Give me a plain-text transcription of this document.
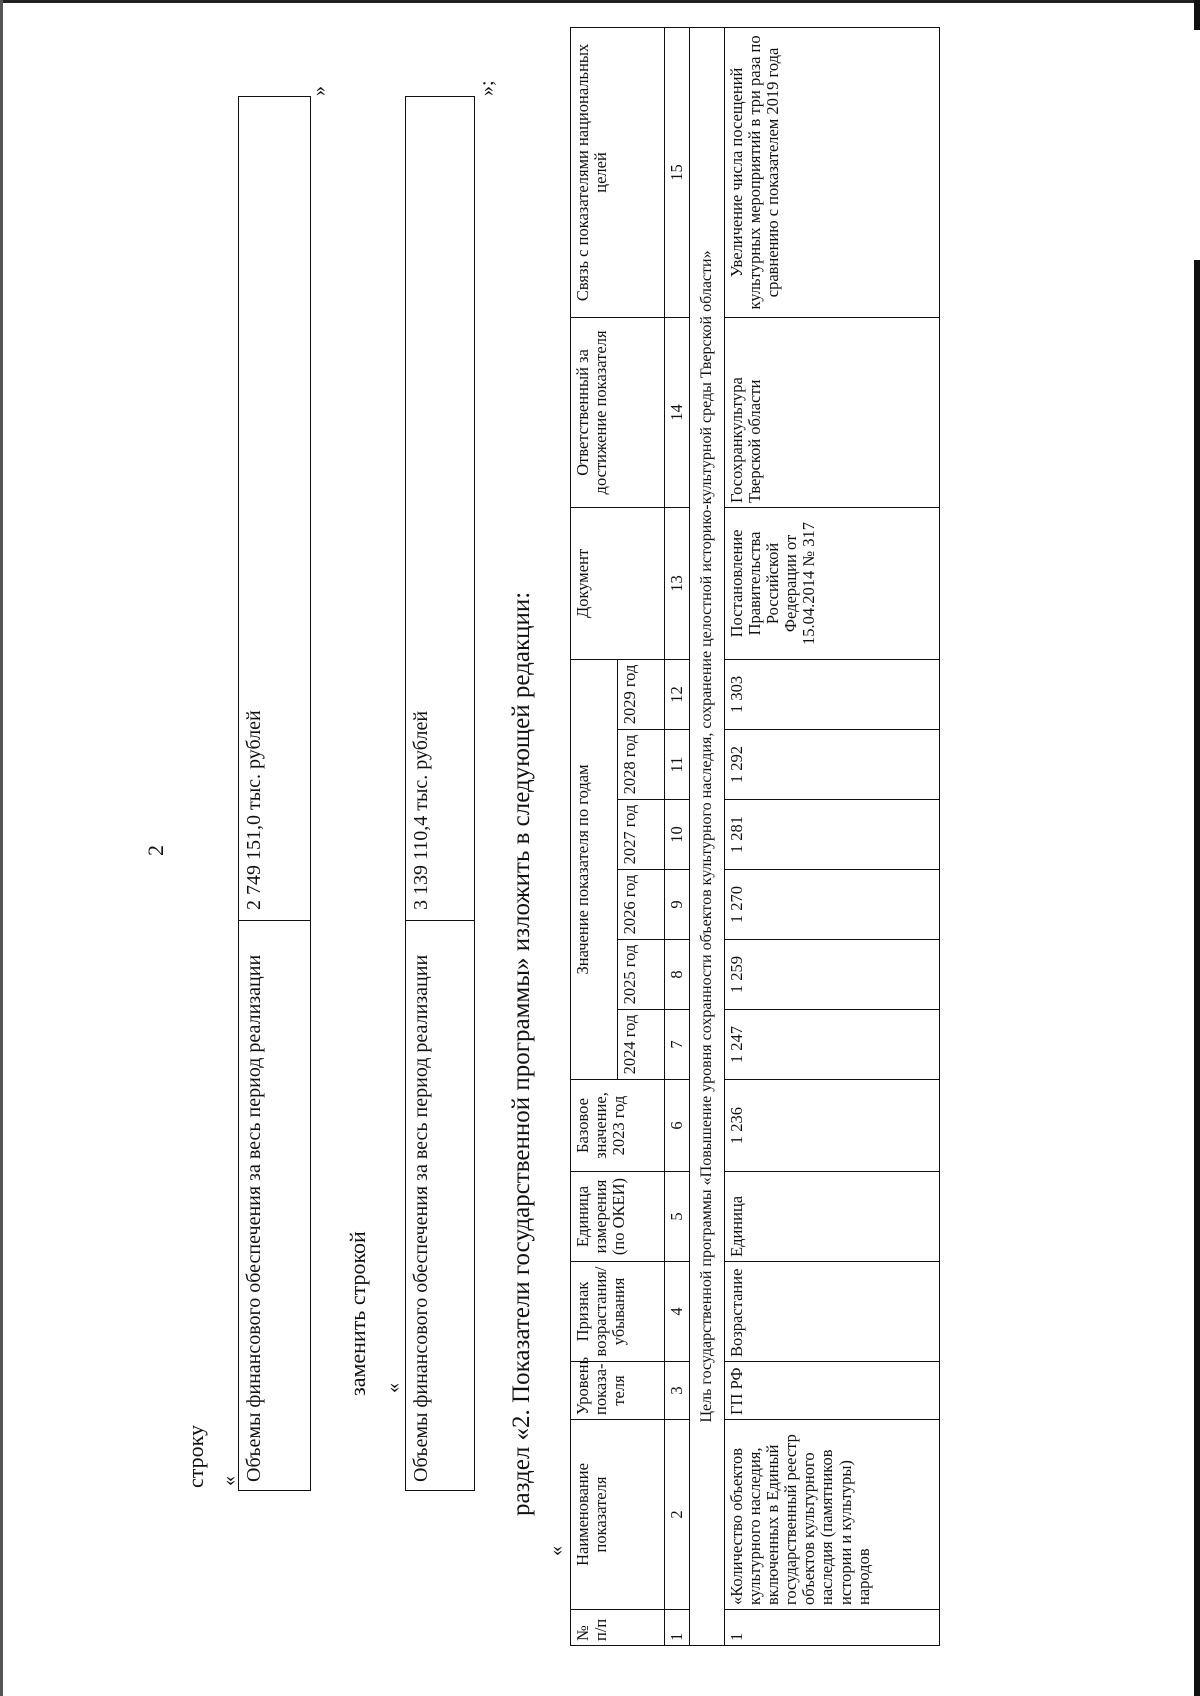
2
строку « Объемы финансового обеспечения за весь период реализации
2 749 151,0 тыс. рублей
»
заменить строкой « Объемы финансового обеспечения за весь период реализации
3 139 110,4 тыс. рублей
»;
раздел «2. Показатели государственной программы» изложить в следующей редакции:
«
№ п/п	Наименование показателя	Уровень показа-теля	Признак возрастания/ убывания	Единица измерения (по ОКЕИ)	Базовое значение, 2023 год	Значение показателя по годам						Документ	Ответственный за достижение показателя	Связь с показателями национальных целей
						2024 год	2025 год	2026 год	2027 год	2028 год	2029 год			
1	2	3	4	5	6	7	8	9	10	11	12	13	14	15
Цель государственной программы «Повышение уровня сохранности объектов культурного наследия, сохранение целостной историко-культурной среды Тверской области»														
1	«Количество объектов культурного наследия, включенных в Единый государственный реестр объектов культурного наследия (памятников истории и культуры) народов	ГП РФ	Возрастание	Единица	1 236	1 247	1 259	1 270	1 281	1 292	1 303	Постановление Правительства Российской Федерации от 15.04.2014 № 317	Госохранкультура Тверской области	Увеличение числа посещений культурных мероприятий в три раза по сравнению с показателем 2019 года
